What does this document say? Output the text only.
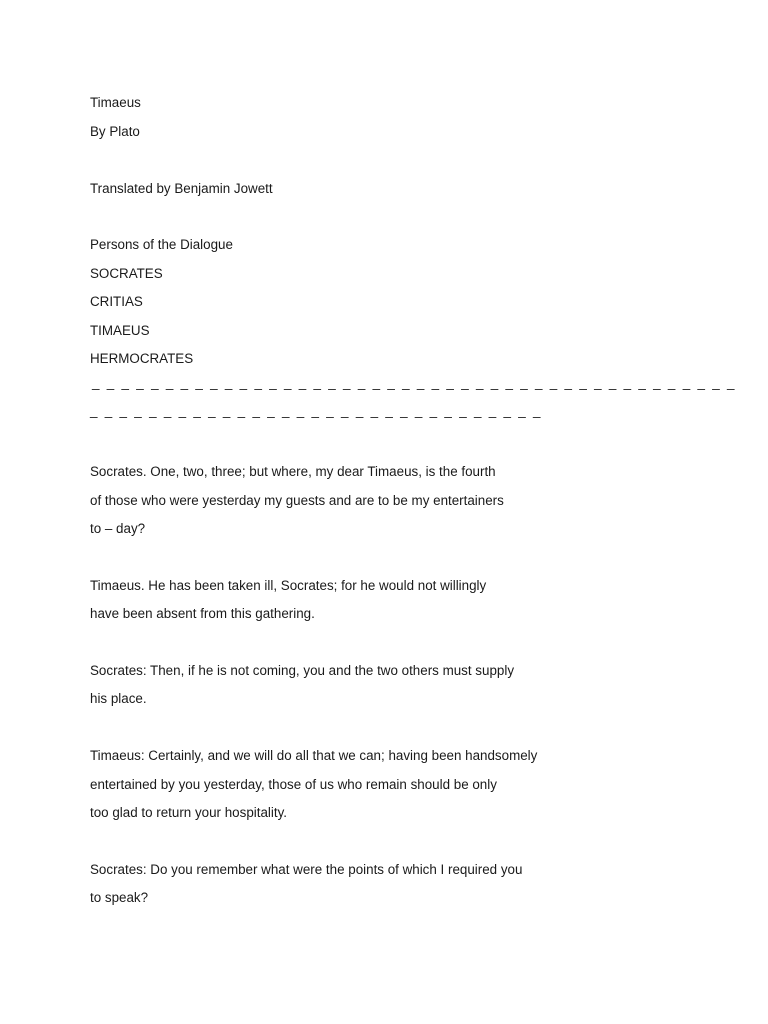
Timaeus
By Plato
Translated by Benjamin Jowett
Persons of the Dialogue
SOCRATES
CRITIAS
TIMAEUS
HERMOCRATES
_ _ _ _ _ _ _ _ _ _ _ _ _ _ _ _ _ _ _ _ _ _ _ _ _ _ _ _ _ _ _ _ _ _ _ _ _ _ _ _ _ _ _ _
_ _ _ _ _ _ _ _ _ _ _ _ _ _ _ _ _ _ _ _ _ _ _ _ _ _ _ _ _ _ _
Socrates. One, two, three; but where, my dear Timaeus, is the fourth
of those who were yesterday my guests and are to be my entertainers
to – day?
Timaeus. He has been taken ill, Socrates; for he would not willingly
have been absent from this gathering.
Socrates: Then, if he is not coming, you and the two others must supply
his place.
Timaeus: Certainly, and we will do all that we can; having been handsomely
entertained by you yesterday, those of us who remain should be only
too glad to return your hospitality.
Socrates: Do you remember what were the points of which I required you
to speak?
